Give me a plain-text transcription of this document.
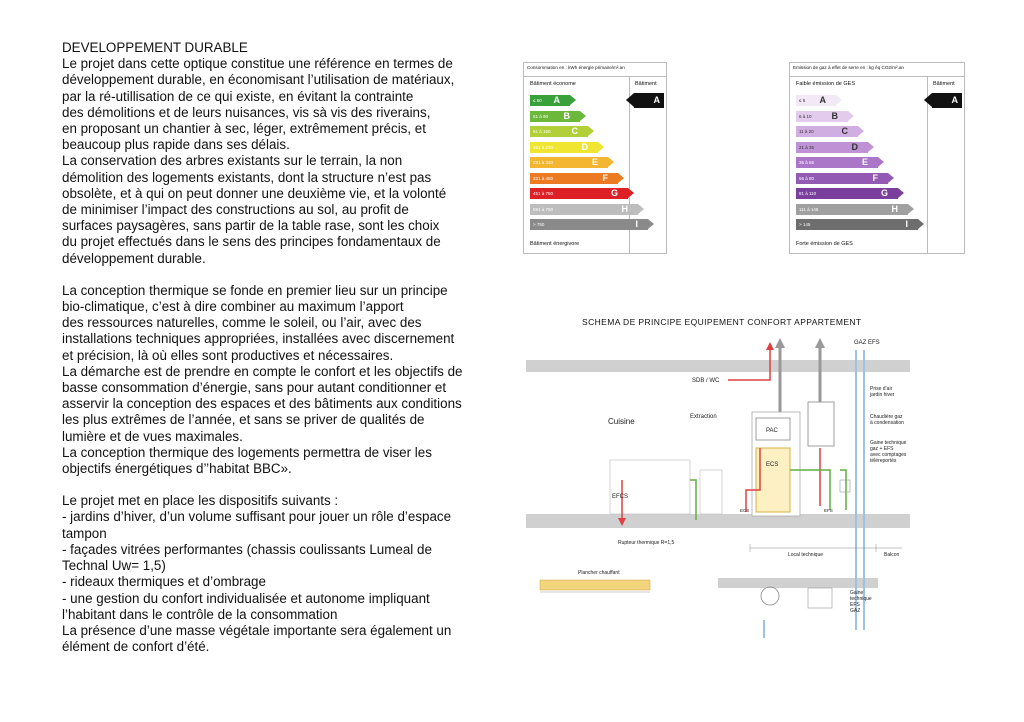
DEVELOPPEMENT DURABLE

Le projet dans cette optique constitue une référence en termes de
développement durable, en économisant l’utilisation de matériaux,
par la ré-utillisation de ce qui existe, en évitant la contrainte
des démolitions et de leurs nuisances, vis sà vis des riverains,
en proposant un chantier à sec, léger, extrêmement précis, et
beaucoup plus rapide dans ses délais.

La conservation des arbres existants sur le terrain, la non
démolition des logements existants, dont la structure n’est pas
obsolète, et à qui on peut donner une deuxième vie, et la volonté
de minimiser l’impact des constructions au sol, au profit de
surfaces paysagères, sans partir de la table rase, sont les choix
du projet effectués dans le sens des principes fondamentaux de
développement durable.

La conception thermique se fonde en premier lieu sur un principe
bio-climatique, c’est à dire combiner au maximum l’apport
des ressources naturelles, comme le soleil, ou l’air, avec des
installations techniques appropriées, installées avec discernement
et précision, là où elles sont productives et nécessaires.

La démarche est de prendre en compte le confort et les objectifs de
basse consommation d’énergie, sans pour autant conditionner et
asservir la conception des espaces et des bâtiments aux conditions
les plus extrêmes de l’année, et sans se priver de qualités de
lumière et de vues maximales.

La conception thermique des logements permettra de viser les
objectifs énergétiques d’’habitat BBC».

Le projet met en place les dispositifs suivants :
- jardins d’hiver, d’un volume suffisant pour jouer un rôle d’espace
tampon
- façades vitrées performantes (chassis coulissants Lumeal de
Technal Uw= 1,5)
- rideaux thermiques et d’ombrage
- une gestion du confort individualisée et autonome impliquant
l’habitant dans le contrôle de la consommation
La présence d’une masse végétale importante sera également un
élément de confort d’été.

Consommation en : kWh énergie primaire/m².an
Bâtiment économe
Bâtiment énergivore
Bâtiment
A
≤ 50 A
51 à 90 B
91 à 150 C
151 à 230	D
231 à 330	E
331 à 450	F
451 à 750	G
591 à 750	H
> 750	I
Emission de gaz à effet de serre en : kg éq CO2/m².an
Faible émission de GES
Forte émission de GES
Bâtiment
A
≤ 5 A
6 à 10 B
11 à 20	C
21 à 35	D
36 à 55	E
56 à 80	F
81 à 110	G
111 à 145	H
> 145	I
SCHEMA DE PRINCIPE EQUIPEMENT CONFORT APPARTEMENT
GAZ EFS
SDB / WC
Extraction
Cuisine
PAC
ECS
EFCS
ECS	EFS
Prise d’air
jardin hiver
Chaudière gaz
à condensation
Gaine technique
gaz + EFS
avec comptages
téléreportés
Rupteur thermique R=1,5
Local technique	Balcon
Plancher chauffant
Gaine
technique
EFS
GAZ
